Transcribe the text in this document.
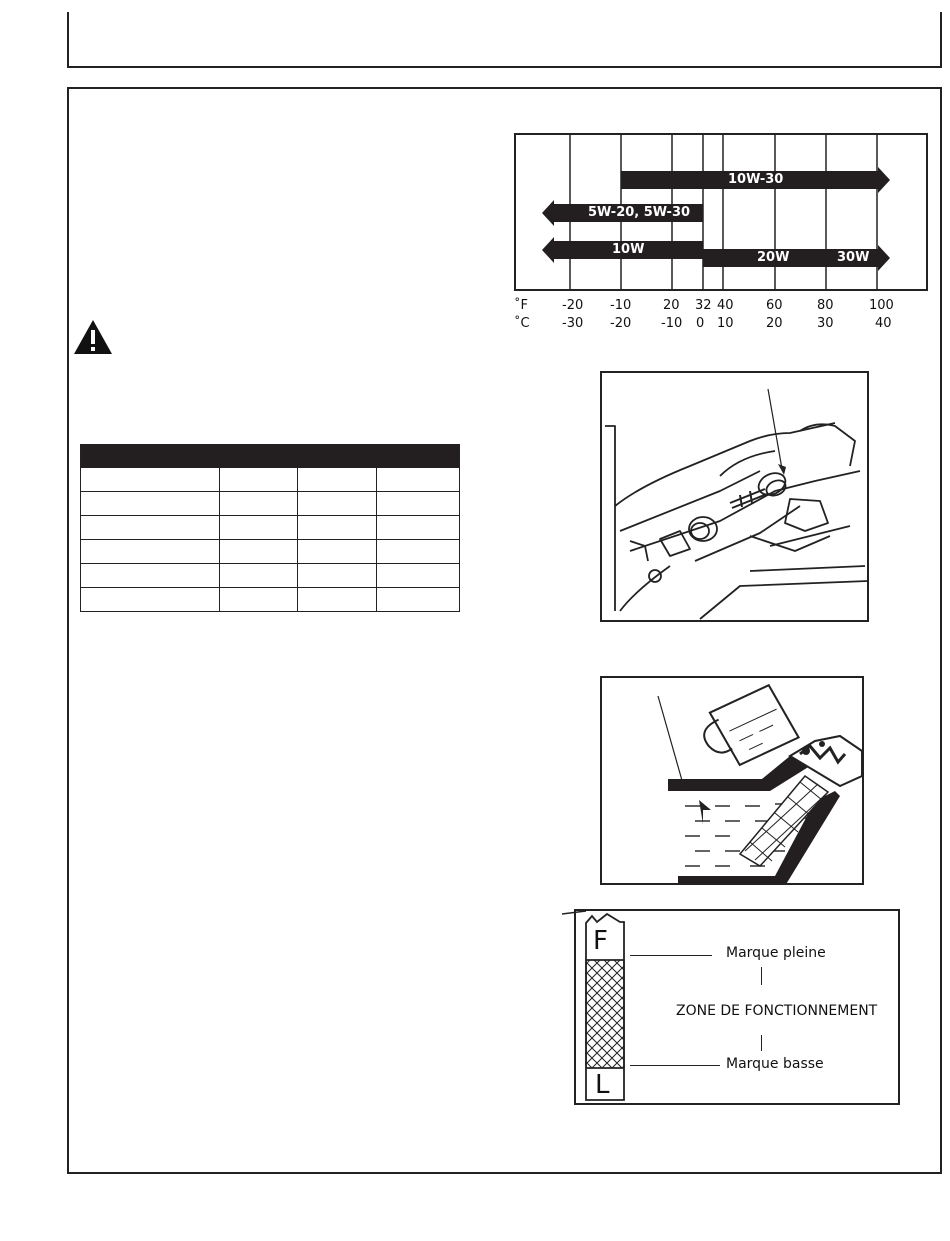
10W-30
5W-20, 5W-30
10W
20W	30W
˚F	-20 -10 20 32 40 60	80	100
˚C -30 -20 -10 0 10 20	30	40

F
L
Marque pleine
ZONE DE FONCTIONNEMENT
Marque basse
